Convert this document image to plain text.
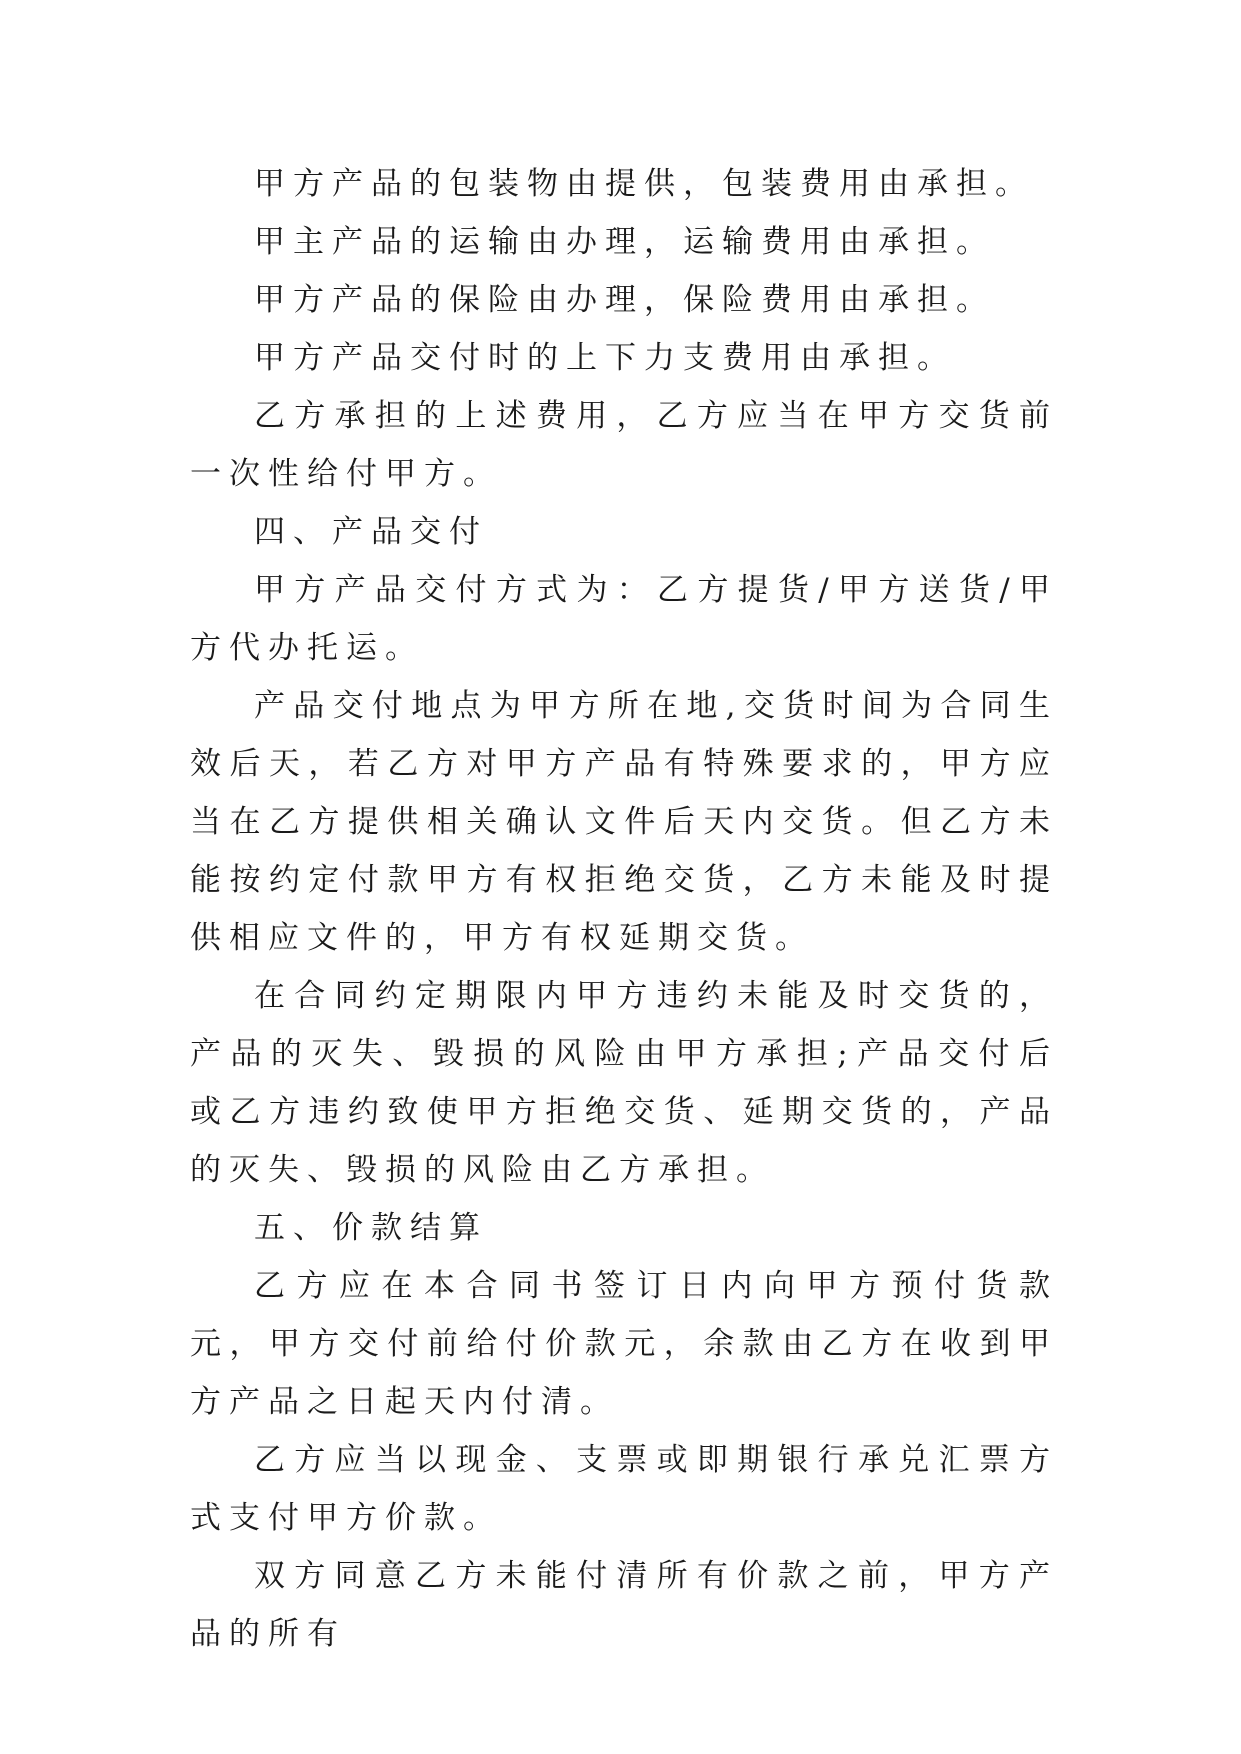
甲方产品的包装物由提供，包装费用由承担。

甲主产品的运输由办理，运输费用由承担。

甲方产品的保险由办理，保险费用由承担。

甲方产品交付时的上下力支费用由承担。

乙方承担的上述费用，乙方应当在甲方交货前一次性给付甲方。

四、产品交付

甲方产品交付方式为：乙方提货/甲方送货/甲方代办托运。

产品交付地点为甲方所在地,交货时间为合同生效后天，若乙方对甲方产品有特殊要求的，甲方应当在乙方提供相关确认文件后天内交货。但乙方未能按约定付款甲方有权拒绝交货，乙方未能及时提供相应文件的，甲方有权延期交货。

在合同约定期限内甲方违约未能及时交货的，产品的灭失、毁损的风险由甲方承担;产品交付后或乙方违约致使甲方拒绝交货、延期交货的，产品的灭失、毁损的风险由乙方承担。

五、价款结算

乙方应在本合同书签订日内向甲方预付货款元，甲方交付前给付价款元，余款由乙方在收到甲方产品之日起天内付清。

乙方应当以现金、支票或即期银行承兑汇票方式支付甲方价款。

双方同意乙方未能付清所有价款之前，甲方产品的所有
